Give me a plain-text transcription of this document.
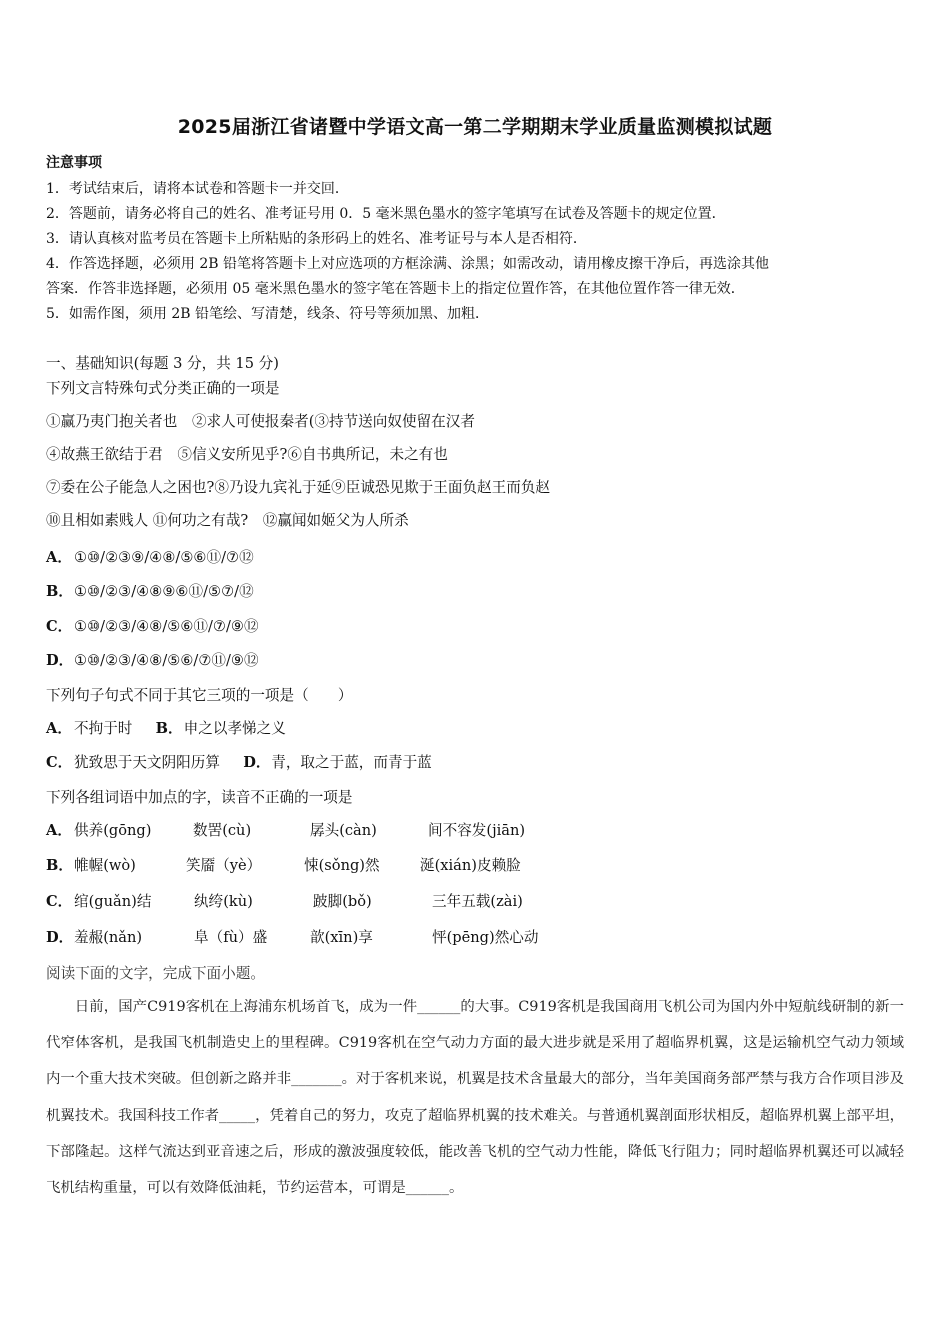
2025届浙江省诸暨中学语文高一第二学期期末学业质量监测模拟试题
注意事项
1．考试结束后，请将本试卷和答题卡一并交回．
2．答题前，请务必将自己的姓名、准考证号用 0．5 毫米黑色墨水的签字笔填写在试卷及答题卡的规定位置．
3．请认真核对监考员在答题卡上所粘贴的条形码上的姓名、准考证号与本人是否相符．
4．作答选择题，必须用 2B 铅笔将答题卡上对应选项的方框涂满、涂黑；如需改动，请用橡皮擦干净后，再选涂其他
答案．作答非选择题，必须用 05 毫米黑色墨水的签字笔在答题卡上的指定位置作答，在其他位置作答一律无效．
5．如需作图，须用 2B 铅笔绘、写清楚，线条、符号等须加黑、加粗．
一、基础知识(每题 3 分，共 15 分)
下列文言特殊句式分类正确的一项是
①赢乃夷门抱关者也　②求人可使报秦者(③持节送向奴使留在汉者
④故燕王欲结于君　⑤信义安所见乎?⑥自书典所记，未之有也
⑦委在公子能急人之困也?⑧乃设九宾礼于延⑨臣诚恐见欺于王面负赵王而负赵
⑩且相如素贱人 ⑪何功之有哉?　⑫赢闻如姬父为人所杀
A． ①⑩/②③⑨/④⑧/⑤⑥⑪/⑦⑫
B．①⑩/②③/④⑧⑨⑥⑪/⑤⑦/⑫
C． ①⑩/②③/④⑧/⑤⑥⑪/⑦/⑨⑫
D．①⑩/②③/④⑧/⑤⑥/⑦⑪/⑨⑫
下列句子句式不同于其它三项的一项是（　　）
A． 不拘于时 B．申之以孝悌之义
C． 犹致思于天文阴阳历算 D．青，取之于蓝，而青于蓝
下列各组词语中加点的字，读音不正确的一项是
A． 供养(gōng)	数罟(cù)	孱头(càn)	间不容发(jiān)
B． 帷幄(wò)	笑靥（yè）	悚(sǒng)然	涎(xián)皮赖脸
C． 绾(guǎn)结	纨绔(kù)	跛脚(bǒ)	三年五载(zài)
D． 羞赧(nǎn)	阜（fù）盛	歆(xīn)享	怦(pēng)然心动
阅读下面的文字，完成下面小题。
日前，国产C919客机在上海浦东机场首飞，成为一件______的大事。C919客机是我国商用飞机公司为国内外中短航线研制的新一代窄体客机，是我国飞机制造史上的里程碑。C919客机在空气动力方面的最大进步就是采用了超临界机翼，这是运输机空气动力领域内一个重大技术突破。但创新之路并非_______。对于客机来说，机翼是技术含量最大的部分，当年美国商务部严禁与我方合作项目涉及机翼技术。我国科技工作者_____，凭着自己的努力，攻克了超临界机翼的技术难关。与普通机翼剖面形状相反，超临界机翼上部平坦，下部隆起。这样气流达到亚音速之后，形成的激波强度较低，能改善飞机的空气动力性能，降低飞行阻力；同时超临界机翼还可以减轻飞机结构重量，可以有效降低油耗，节约运营本，可谓是______。
